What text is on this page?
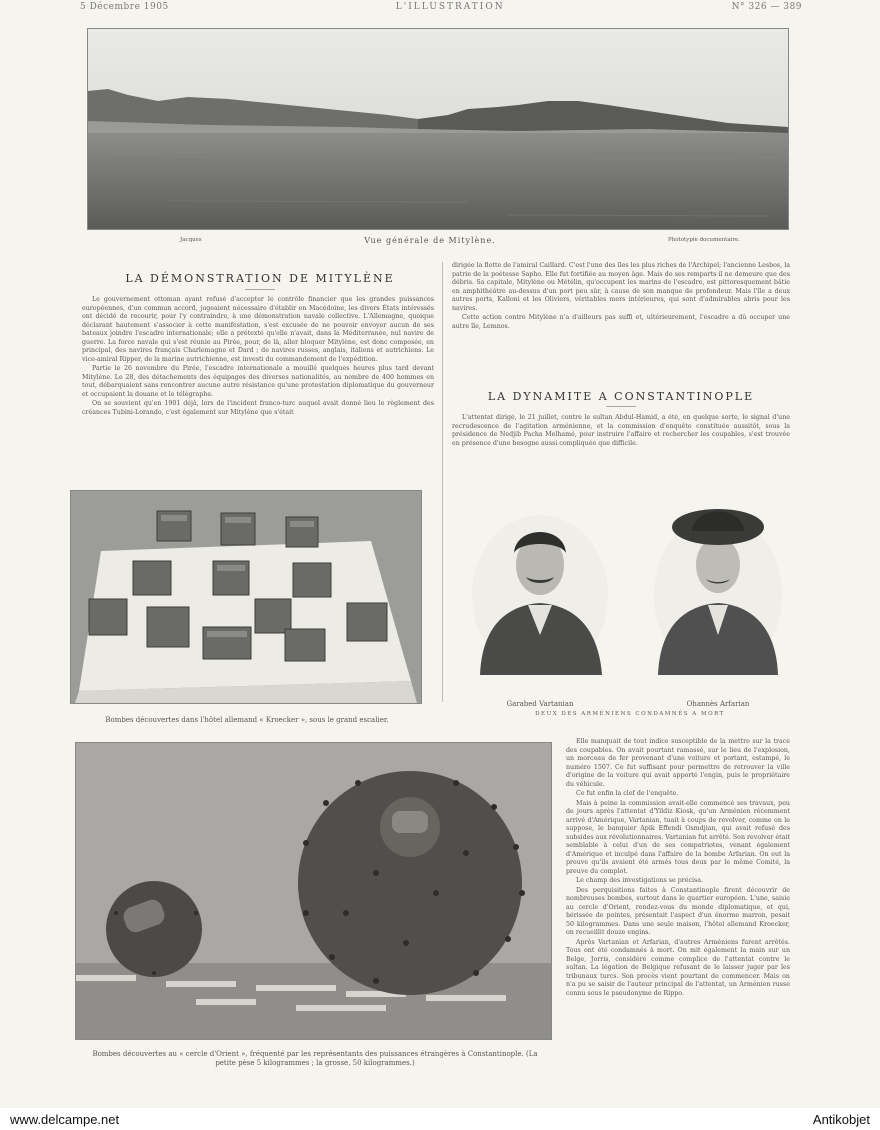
5 Décembre 1905	L'ILLUSTRATION	N° 326 — 389
Jacques	Vue générale de Mitylène.	Phototypie documentaire.
LA DÉMONSTRATION DE MITYLÈNE

Le gouvernement ottoman ayant refusé d'accepter le contrôle financier que les grandes puissances européennes, d'un commun accord, jugeaient nécessaire d'établir en Macédoine, les divers États intéressés ont décidé de recourir, pour l'y contraindre, à une démonstration navale collective. L'Allemagne, quoique déclarant hautement s'associer à cette manifestation, s'est excusée de ne pouvoir envoyer aucun de ses bateaux joindre l'escadre internationale; elle a prétexté qu'elle n'avait, dans la Méditerranée, nul navire de guerre. La force navale qui s'est réunie au Pirée, pour, de là, aller bloquer Mitylène, est donc composée, en principal, des navires français Charlemagne et Dard ; de navires russes, anglais, italiens et autrichiens. Le vice-amiral Ripper, de la marine autrichienne, est investi du commandement de l'expédition.

Partie le 26 novembre du Pirée, l'escadre internationale a mouillé quelques heures plus tard devant Mitylène. Le 28, des détachements des équipages des diverses nationalités, au nombre de 400 hommes en tout, débarquaient sans rencontrer aucune autre résistance qu'une protestation diplomatique du gouverneur et occupaient la douane et le télégraphe.

On se souvient qu'en 1901 déjà, lors de l'incident franco-turc auquel avait donné lieu le règlement des créances Tubini-Lorando, c'est également sur Mitylène que s'était

dirigée la flotte de l'amiral Caillard. C'est l'une des îles les plus riches de l'Archipel; l'ancienne Lesbos, la patrie de la poétesse Sapho. Elle fut fortifiée au moyen âge. Mais de ses remparts il ne demeure que des débris. Sa capitale, Mitylène ou Métélin, qu'occupent les marins de l'escadre, est pittoresquement bâtie en amphithéâtre au-dessus d'un port peu sûr, à cause de son manque de profondeur. Mais l'île a deux autres ports, Kalloni et les Oliviers, véritables mers intérieures, qui sont d'admirables abris pour les navires.

Cette action contre Mitylène n'a d'ailleurs pas suffi et, ultérieurement, l'escadre a dû occuper une autre île, Lemnos.

LA DYNAMITE A CONSTANTINOPLE

L'attentat dirigé, le 21 juillet, contre le sultan Abdul-Hamid, a été, en quelque sorte, le signal d'une recrudescence de l'agitation arménienne, et la commission d'enquête constituée aussitôt, sous la présidence de Nedjib Pacha Melhamé, pour instruire l'affaire et rechercher les coupables, s'est trouvée en présence d'une besogne aussi compliquée que difficile.

Bombes découvertes dans l'hôtel allemand « Kroecker », sous le grand escalier.
Garabed Vartanian	Ohannès Arfarian
DEUX DES ARMÉNIENS CONDAMNÉS A MORT
Bombes découvertes au « cercle d'Orient », fréquenté par les représentants des puissances étrangères à Constantinople. (La petite pèse 5 kilogrammes ; la grosse, 50 kilogrammes.)

Elle manquait de tout indice susceptible de la mettre sur la trace des coupables. On avait pourtant ramassé, sur le lieu de l'explosion, un morceau de fer provenant d'une voiture et portant, estampé, le numéro 1507. Ce fut suffisant pour permettre de retrouver la ville d'origine de la voiture qui avait apporté l'engin, puis le propriétaire du véhicule.

Ce fut enfin la clef de l'enquête.

Mais à peine la commission avait-elle commencé ses travaux, peu de jours après l'attentat d'Yildiz Kiosk, qu'un Arménien récemment arrivé d'Amérique, Vartanian, tuait à coups de revolver, comme on le suppose, le banquier Apik Effendi Osmdjian, qui avait refusé des subsides aux révolutionnaires. Vartanian fut arrêté. Son revolver était semblable à celui d'un de ses compatriotes, venant également d'Amérique et inculpé dans l'affaire de la bombe Arfarian. On eut la preuve qu'ils avaient été armés tous deux par le même Comité, la preuve du complot.

Le champ des investigations se précisa.

Des perquisitions faites à Constantinople firent découvrir de nombreuses bombes, surtout dans le quartier européen. L'une, saisie au cercle d'Orient, rendez-vous du monde diplomatique, et qui, hérissée de pointes, présentait l'aspect d'un énorme marron, pesait 50 kilogrammes. Dans une seule maison, l'hôtel allemand Kroecker, on recueillit douze engins.

Après Vartanian et Arfarian, d'autres Arméniens furent arrêtés. Tous ont été condamnés à mort. On mit également la main sur un Belge, Jorris, considéré comme complice de l'attentat contre le sultan. La légation de Belgique refusant de le laisser juger par les tribunaux turcs. Son procès vient pourtant de commencer. Mais on n'a pu se saisir de l'auteur principal de l'attentat, un Arménien russe connu sous le pseudonyme de Rippo.

www.delcampe.net	Antikobjet
